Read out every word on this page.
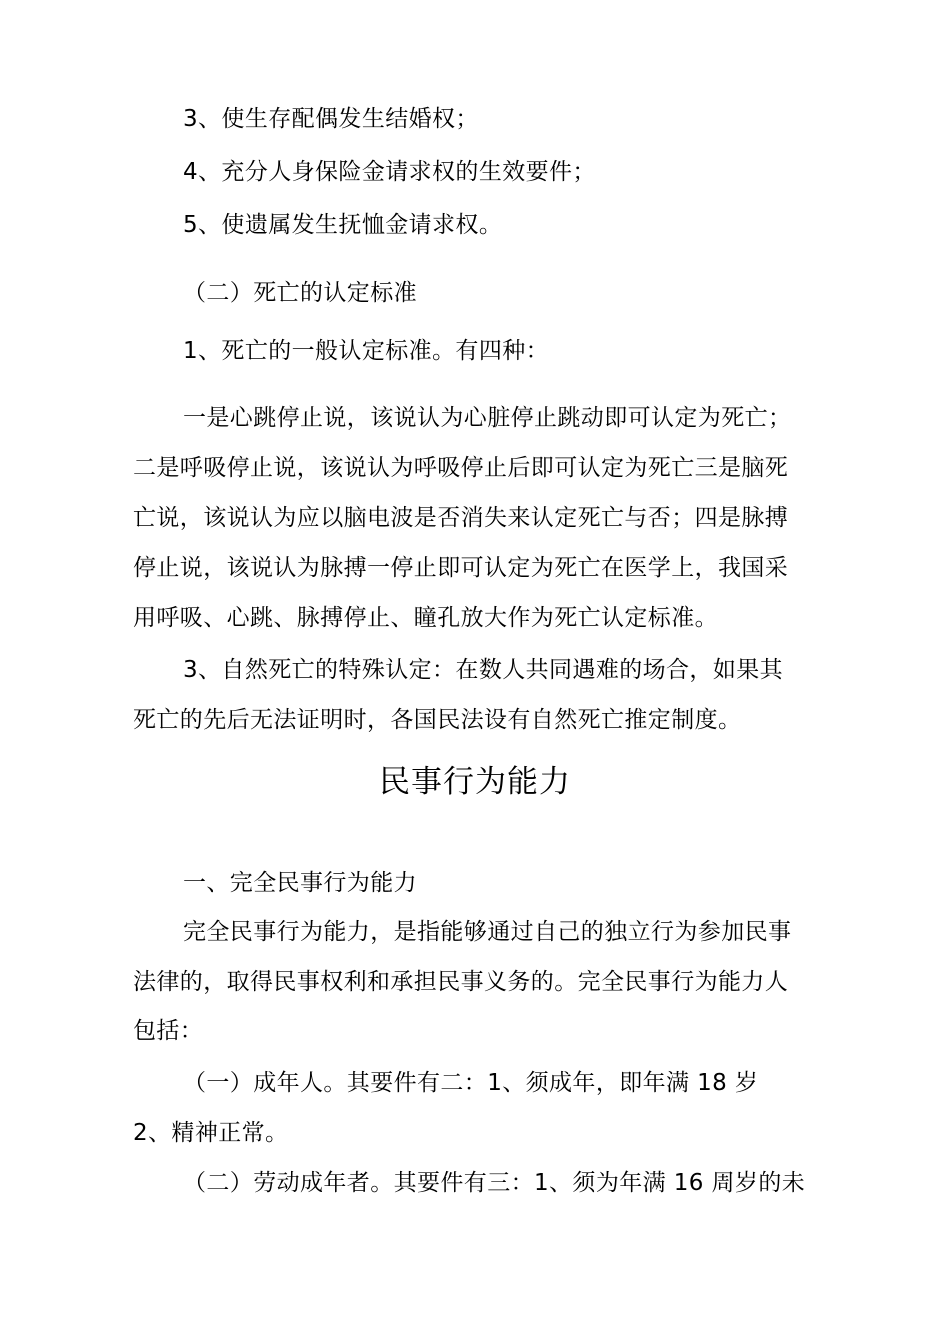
3、使生存配偶发生结婚权；
4、充分人身保险金请求权的生效要件；
5、使遗属发生抚恤金请求权。
（二）死亡的认定标准
1、死亡的一般认定标准。有四种：
一是心跳停止说，该说认为心脏停止跳动即可认定为死亡；
二是呼吸停止说，该说认为呼吸停止后即可认定为死亡三是脑死
亡说，该说认为应以脑电波是否消失来认定死亡与否；四是脉搏
停止说，该说认为脉搏一停止即可认定为死亡在医学上，我国采
用呼吸、心跳、脉搏停止、瞳孔放大作为死亡认定标准。
3、自然死亡的特殊认定：在数人共同遇难的场合，如果其
死亡的先后无法证明时，各国民法设有自然死亡推定制度。
民事行为能力
一、完全民事行为能力
完全民事行为能力，是指能够通过自己的独立行为参加民事
法律的，取得民事权利和承担民事义务的。完全民事行为能力人
包括：
（一）成年人。其要件有二：1、须成年，即年满 18 岁
2、精神正常。
（二）劳动成年者。其要件有三：1、须为年满 16 周岁的未
